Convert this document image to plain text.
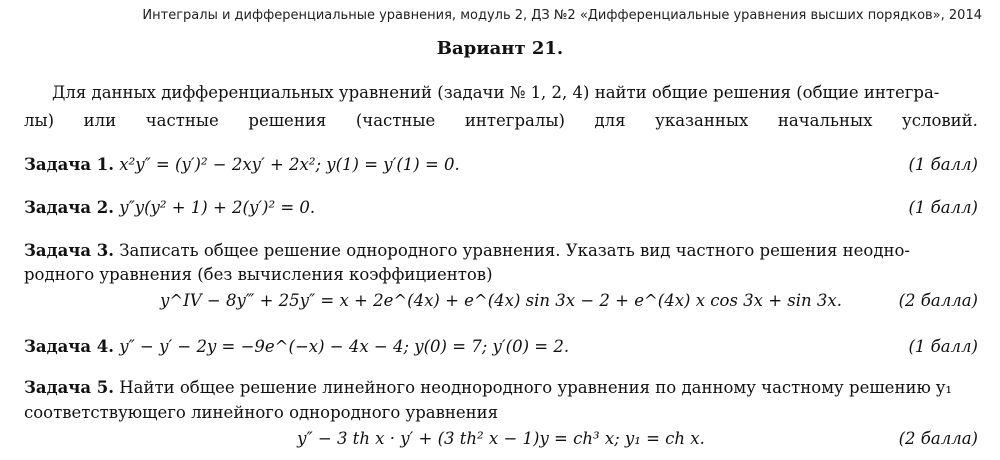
Интегралы и дифференциальные уравнения, модуль 2, ДЗ №2 «Дифференциальные уравнения высших порядков», 2014
Вариант 21.
Для данных дифференциальных уравнений (задачи № 1, 2, 4) найти общие решения (общие интегра-
лы) или частные решения (частные интегралы) для указанных начальных условий.
Задача 1. x²y″ = (y′)² − 2xy′ + 2x²; y(1) = y′(1) = 0.	(1 балл)
Задача 2. y″y(y² + 1) + 2(y′)² = 0.	(1 балл)
Задача 3. Записать общее решение однородного уравнения. Указать вид частного решения неодно-
родного уравнения (без вычисления коэффициентов)
y^IV − 8y‴ + 25y″ = x + 2e^(4x) + e^(4x) sin 3x − 2 + e^(4x) x cos 3x + sin 3x.	(2 балла)
Задача 4. y″ − y′ − 2y = −9e^(−x) − 4x − 4; y(0) = 7; y′(0) = 2.	(1 балл)
Задача 5. Найти общее решение линейного неоднородного уравнения по данному частному решению y₁
соответствующего линейного однородного уравнения
y″ − 3 th x · y′ + (3 th² x − 1)y = ch³ x; y₁ = ch x.	(2 балла)
